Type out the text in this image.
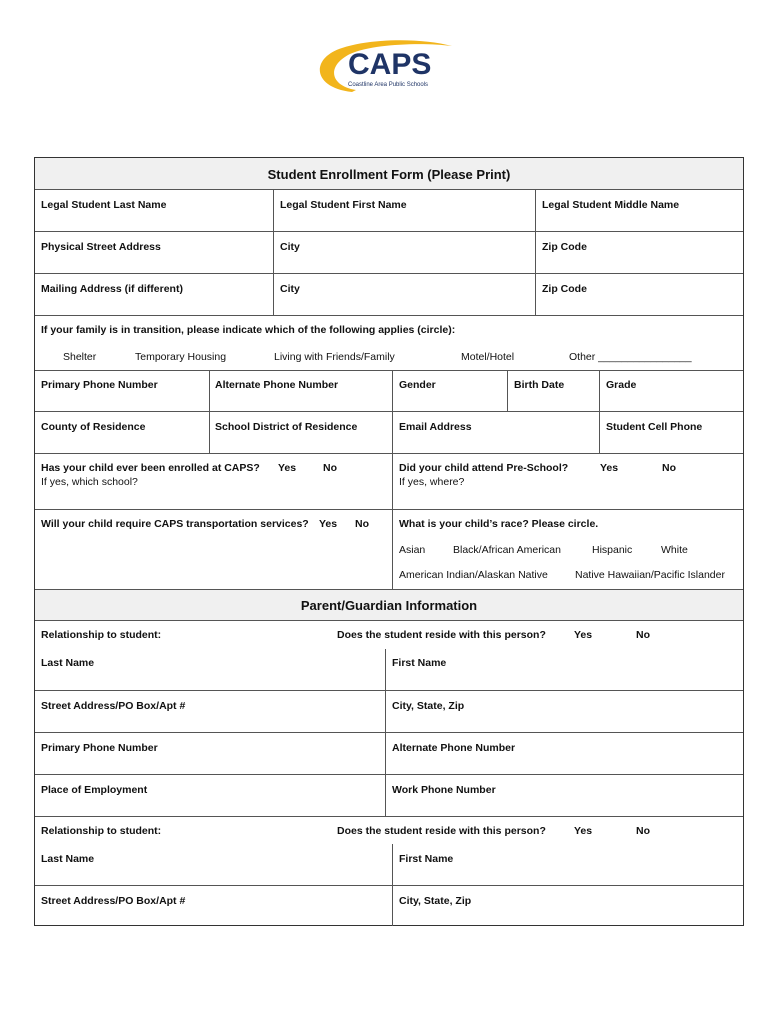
CAPS
Coastline Area Public Schools
Student Enrollment Form (Please Print)
Legal Student Last Name	Legal Student First Name	Legal Student Middle Name
Physical Street Address	City	Zip Code
Mailing Address (if different)	City	Zip Code
If your family is in transition, please indicate which of the following applies (circle):
Shelter	Temporary Housing	Living with Friends/Family	Motel/Hotel	Other ________________
Primary Phone Number	Alternate Phone Number	Gender	Birth Date	Grade
County of Residence	School District of Residence	Email Address	Student Cell Phone
Has your child ever been enrolled at CAPS? Yes	No
If yes, which school?
Did your child attend Pre-School?	Yes	No
If yes, where?
Will your child require CAPS transportation services? Yes No	What is your child’s race? Please circle.
Asian	Black/African American	Hispanic	White
American Indian/Alaskan Native	Native Hawaiian/Pacific Islander
Parent/Guardian Information
Relationship to student:	Does the student reside with this person?	Yes	No
Last Name	First Name
Street Address/PO Box/Apt #	City, State, Zip
Primary Phone Number	Alternate Phone Number
Place of Employment	Work Phone Number
Relationship to student:	Does the student reside with this person?	Yes	No
Last Name	First Name
Street Address/PO Box/Apt #	City, State, Zip
